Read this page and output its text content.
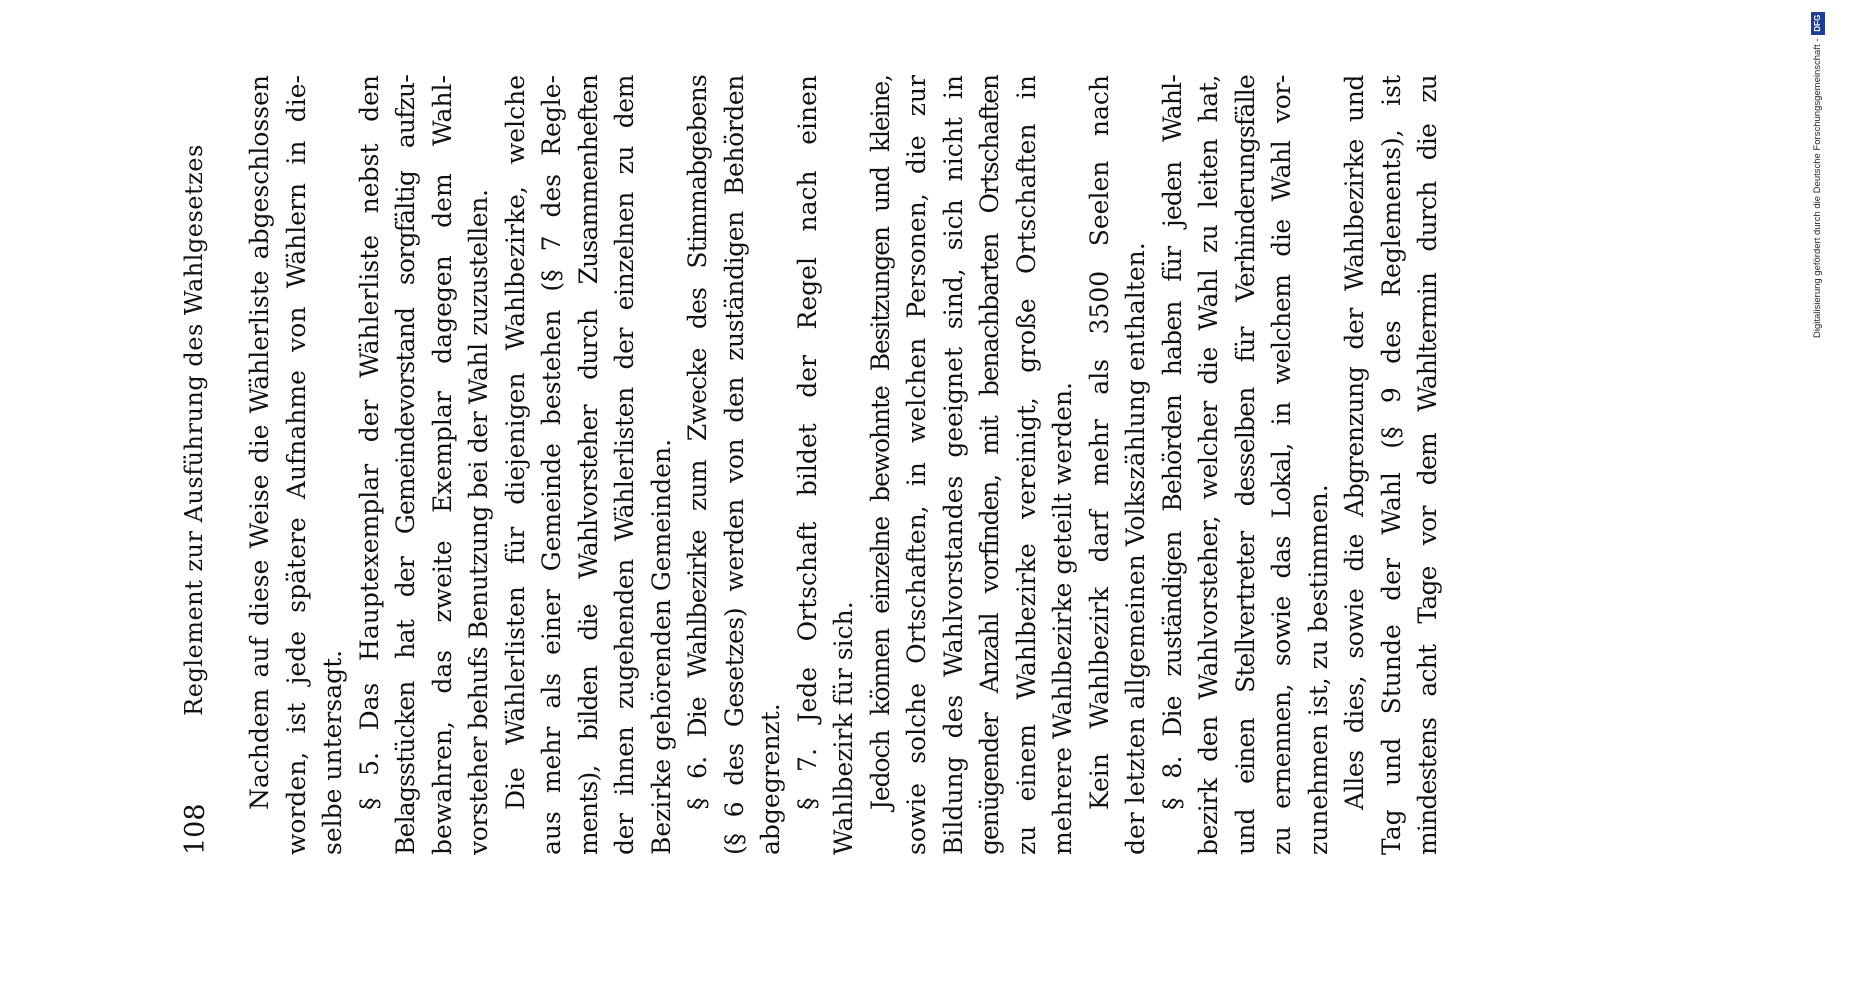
108
Reglement zur Ausführung des Wahlgesetzes Nachdem auf diese Weise die Wählerliste abgeschlossen worden, ist jede spätere Aufnahme von Wählern in die- selbe untersagt. § 5. Das Hauptexemplar der Wählerliste nebst den Belagsstücken hat der Gemeindevorstand sorgfältig aufzu- bewahren, das zweite Exemplar dagegen dem Wahl- vorsteher behufs Benutzung bei der Wahl zuzustellen. Die Wählerlisten für diejenigen Wahlbezirke, welche aus mehr als einer Gemeinde bestehen (§ 7 des Regle- ments), bilden die Wahlvorsteher durch Zusammenheften der ihnen zugehenden Wählerlisten der einzelnen zu dem Bezirke gehörenden Gemeinden. § 6. Die Wahlbezirke zum Zwecke des Stimmabgebens (§ 6 des Gesetzes) werden von den zuständigen Behörden abgegrenzt. § 7. Jede Ortschaft bildet der Regel nach einen Wahlbezirk für sich. Jedoch können einzelne bewohnte Besitzungen und kleine, sowie solche Ortschaften, in welchen Personen, die zur Bildung des Wahlvorstandes geeignet sind, sich nicht in genügender Anzahl vorfinden, mit benachbarten Ortschaften zu einem Wahlbezirke vereinigt, große Ortschaften in mehrere Wahlbezirke geteilt werden. Kein Wahlbezirk darf mehr als 3500 Seelen nach der letzten allgemeinen Volkszählung enthalten. § 8. Die zuständigen Behörden haben für jeden Wahl- bezirk den Wahlvorsteher, welcher die Wahl zu leiten hat, und einen Stellvertreter desselben für Verhinderungsfälle zu ernennen, sowie das Lokal, in welchem die Wahl vor- zunehmen ist, zu bestimmen. Alles dies, sowie die Abgrenzung der Wahlbezirke und Tag und Stunde der Wahl (§ 9 des Reglements), ist mindestens acht Tage vor dem Wahltermin durch die zu	Digitalisierung gefördert durch die Deutsche Forschungsgemeinschaft -
DFG
